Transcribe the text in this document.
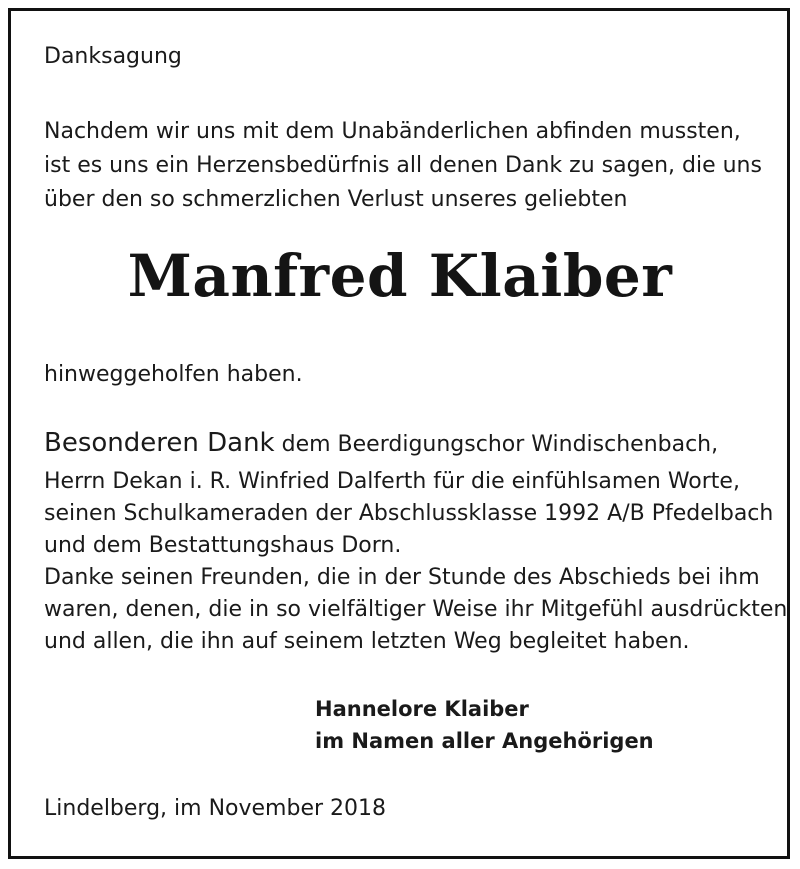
Danksagung
Nachdem wir uns mit dem Unabänderlichen abfinden mussten,
ist es uns ein Herzensbedürfnis all denen Dank zu sagen, die uns
über den so schmerzlichen Verlust unseres geliebten
Manfred Klaiber
hinweggeholfen haben.
Besonderen Dank dem Beerdigungschor Windischenbach,
Herrn Dekan i. R. Winfried Dalferth für die einfühlsamen Worte,
seinen Schulkameraden der Abschlussklasse 1992 A/B Pfedelbach
und dem Bestattungshaus Dorn.
Danke seinen Freunden, die in der Stunde des Abschieds bei ihm
waren, denen, die in so vielfältiger Weise ihr Mitgefühl ausdrückten
und allen, die ihn auf seinem letzten Weg begleitet haben.
Hannelore Klaiber
im Namen aller Angehörigen
Lindelberg, im November 2018
